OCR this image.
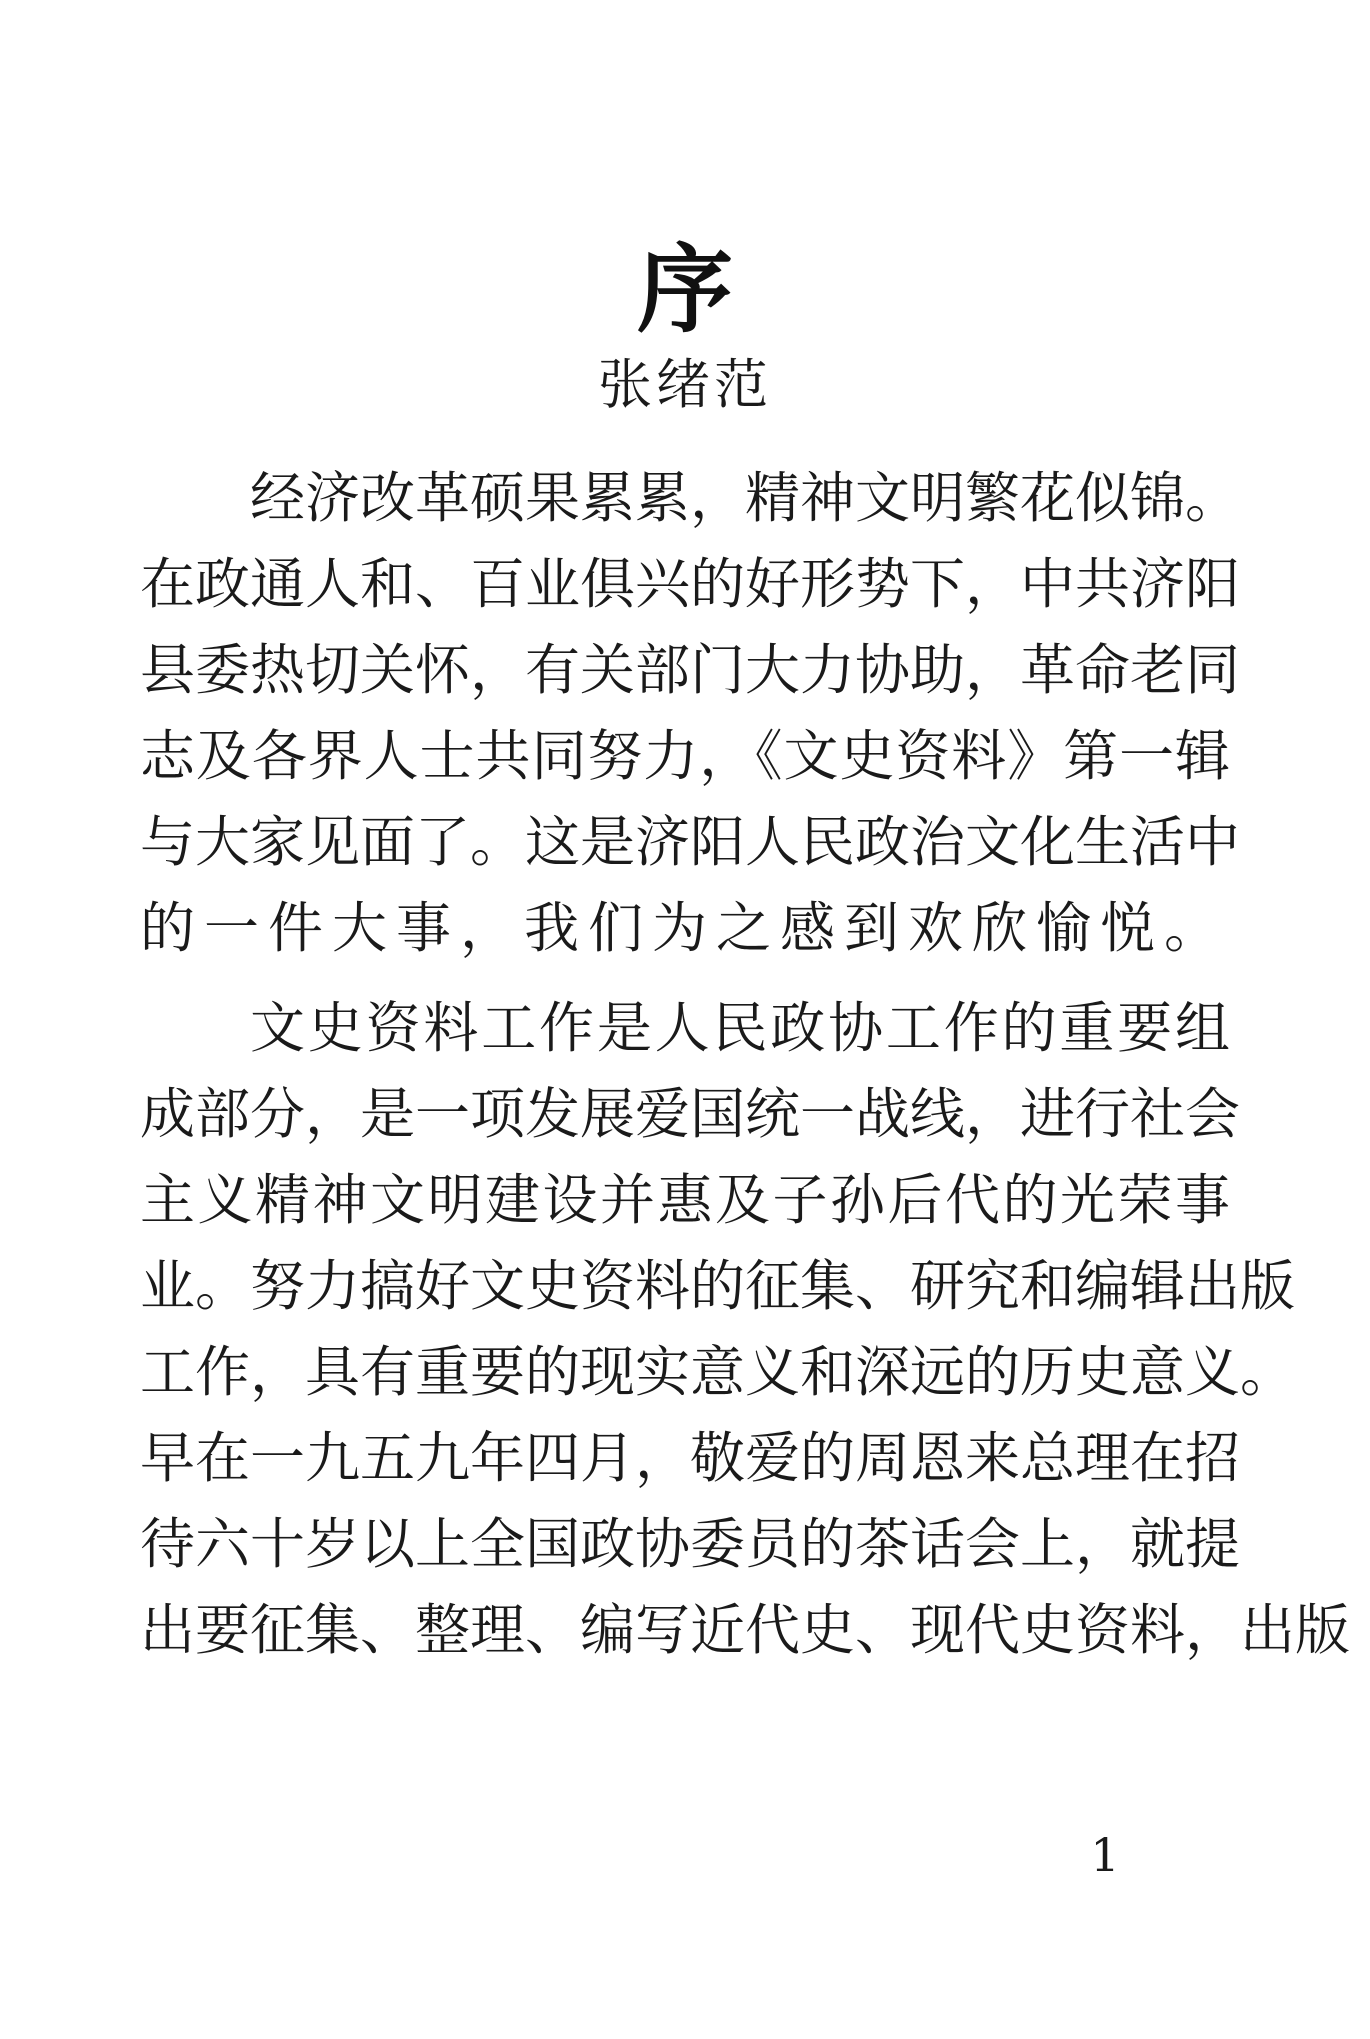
序
张绪范
经济改革硕果累累，精神文明繁花似锦。
在政通人和、百业俱兴的好形势下，中共济阳
县委热切关怀，有关部门大力协助，革命老同
志及各界人士共同努力，《文史资料》第一辑
与大家见面了。这是济阳人民政治文化生活中
的一件大事，我们为之感到欢欣愉悦。
文史资料工作是人民政协工作的重要组
成部分，是一项发展爱国统一战线，进行社会
主义精神文明建设并惠及子孙后代的光荣事
业。努力搞好文史资料的征集、研究和编辑出版
工作，具有重要的现实意义和深远的历史意义。
早在一九五九年四月，敬爱的周恩来总理在招
待六十岁以上全国政协委员的茶话会上，就提
出要征集、整理、编写近代史、现代史资料，出版
1
